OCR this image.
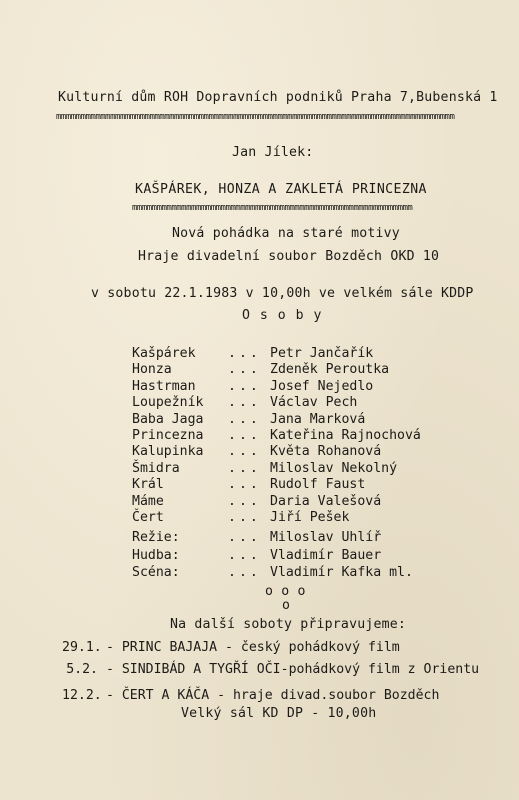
Kulturní dům ROH Dopravních podniků Praha 7,Bubenská 1
mmmmmmmmmmmmmmmmmmmmmmmmmmmmmmmmmmmmmmmmmmmmmmmmmmmmmmmmmmmmmmmmmmmmmmmmmmmmmmmmm
Jan Jílek:
KAŠPÁREK, HONZA A ZAKLETÁ PRINCEZNA
mmmmmmmmmmmmmmmmmmmmmmmmmmmmmmmmmmmmmmmmmmmmmmmmmmmmmmmmm
Nová pohádka na staré motivy
Hraje divadelní soubor Bozděch OKD 10
v sobotu 22.1.1983 v 10,00h ve velkém sále KDDP
O s o b y
Kašpárek ... Petr Jančařík
Honza	... Zdeněk Peroutka
Hastrman ... Josef Nejedlo
Loupežník ... Václav Pech
Baba Jaga ... Jana Marková
Princezna ... Kateřina Rajnochová
Kalupinka ... Květa Rohanová
Šmidra	... Miloslav Nekolný
Král	... Rudolf Faust
Máme	... Daria Valešová
Čert	... Jiří Pešek
Režie:	... Miloslav Uhlíř
Hudba:	... Vladimír Bauer
Scéna:	... Vladimír Kafka ml.
o o o
o
Na další soboty připravujeme:
29.1. - PRINC BAJAJA - český pohádkový film
5.2. - SINDIBÁD A TYGŘÍ OČI-pohádkový film z Orientu
12.2. - ČERT A KÁČA - hraje divad.soubor Bozděch
Velký sál KD DP - 10,00h
